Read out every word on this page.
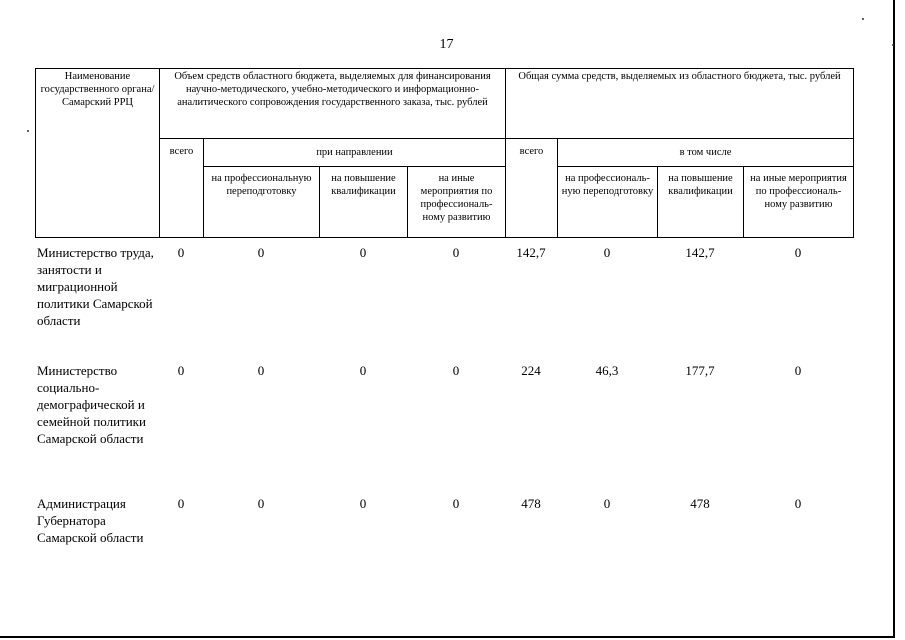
17
Наименование государственного органа/Самарский РРЦ	Объем средств областного бюджета, выделяемых для финансирования научно-методического, учебно-методического и информационно-аналитического сопровождения государственного заказа, тыс. рублей				Общая сумма средств, выделяемых из областного бюджета, тыс. рублей			
	всего	при направлении			всего	в том числе		
		на профессиональную переподготовку	на повышение квалификации	на иные мероприятия по профессиональ-ному развитию		на профессиональ-ную переподготовку	на повышение квалификации	на иные мероприятия по профессиональ-ному развитию
Министерство труда, занятости и миграционной политики Самарской области	0	0	0	0	142,7	0	142,7	0
Министерство социально-демографической и семейной политики Самарской области	0	0	0	0	224	46,3	177,7	0
Администрация Губернатора Самарской области	0	0	0	0	478	0	478	0
